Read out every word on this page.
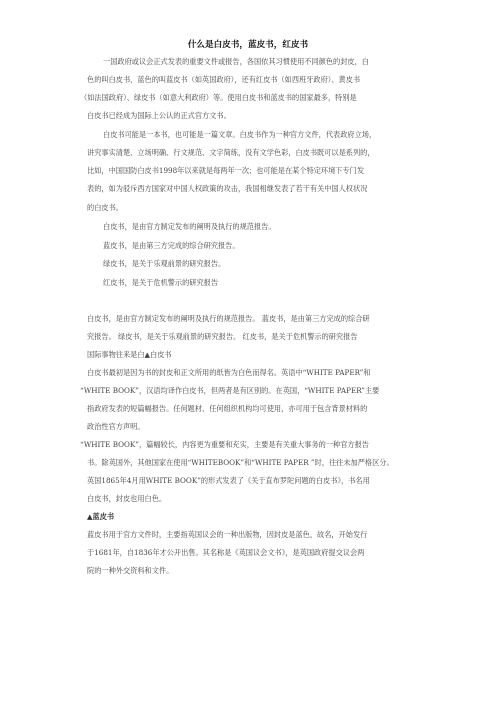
什么是白皮书，蓝皮书，红皮书
一国政府或议会正式发表的重要文件或报告，各国依其习惯使用不同颜色的封皮，白
色的叫白皮书，蓝色的叫蓝皮书（如英国政府），还有红皮书（如西班牙政府）、黄皮书
（如法国政府）、绿皮书（如意大利政府）等。使用白皮书和蓝皮书的国家最多，特别是
白皮书已经成为国际上公认的正式官方文书。
白皮书可能是一本书，也可能是一篇文章。白皮书作为一种官方文件，代表政府立场，
讲究事实清楚、立场明确、行文规范、文字简练，没有文学色彩，白皮书既可以是系列的，
比如，中国国防白皮书1998年以来就是每两年一次；也可能是在某个特定环境下专门发
表的，如为驳斥西方国家对中国人权政策的攻击，我国相继发表了若干有关中国人权状况
的白皮书。
白皮书，是由官方制定发布的阐明及执行的规范报告。
蓝皮书，是由第三方完成的综合研究报告。
绿皮书，是关于乐观前景的研究报告。
红皮书，是关于危机警示的研究报告
白皮书，是由官方制定发布的阐明及执行的规范报告。 蓝皮书，是由第三方完成的综合研
究报告。 绿皮书，是关于乐观前景的研究报告。 红皮书，是关于危机警示的研究报告
国际事物往来是白▲白皮书
白皮书最初是因为书的封皮和正文所用的纸皆为白色而得名。英语中“WHITE PAPER”和
“WHITE BOOK”，汉语均译作白皮书，但两者是有区别的。在英国，“WHITE PAPER”主要
指政府发表的短篇幅报告。任何题材、任何组织机构均可使用，亦可用于包含背景材料的
政治性官方声明。
“WHITE BOOK”，篇幅较长，内容更为重要和充实，主要是有关重大事务的一种官方报告
书。除英国外，其他国家在使用“WHITEBOOK”和“WHITE PAPER ”时，往往未加严格区分。
英国1865年4月用WHITE BOOK”的形式发表了《关于直布罗陀问题的白皮书》，书名用
白皮书，封皮也用白色。
▲蓝皮书
蓝皮书用于官方文件时，主要指英国议会的一种出版物，因封皮是蓝色，故名，开始发行
于1681年，自1836年才公开出售。其名称是《英国议会文书》，是英国政府提交议会两
院的一种外交资料和文件。
